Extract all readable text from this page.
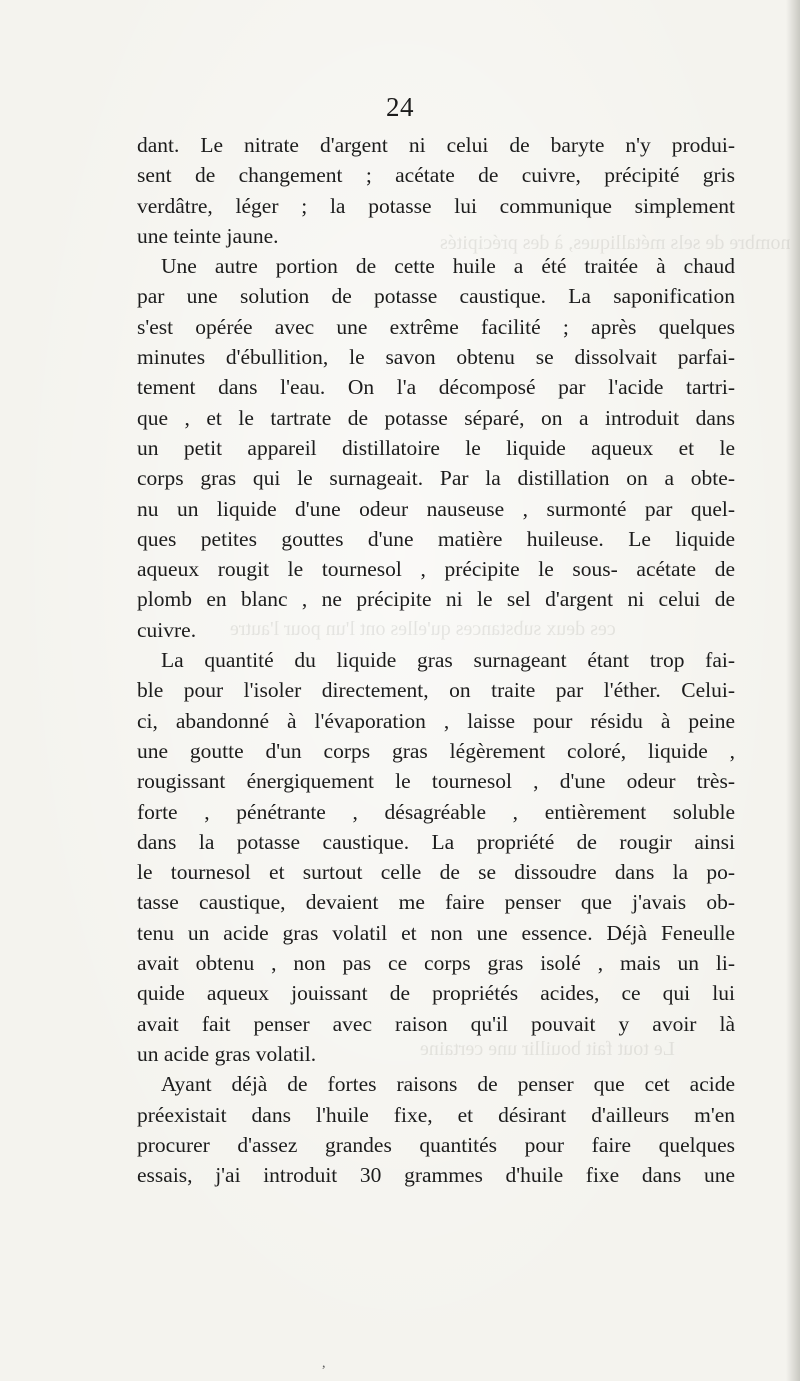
nombre de sels métalliques, à des précipités
ces deux substances qu'elles ont l'un pour l'autre
Le tout fait bouillir une certaine
24
dant. Le nitrate d'argent ni celui de baryte n'y produi-
sent de changement ; acétate de cuivre, précipité gris
verdâtre, léger ; la potasse lui communique simplement
une teinte jaune.
Une autre portion de cette huile a été traitée à chaud
par une solution de potasse caustique. La saponification
s'est opérée avec une extrême facilité ; après quelques
minutes d'ébullition, le savon obtenu se dissolvait parfai-
tement dans l'eau. On l'a décomposé par l'acide tartri-
que , et le tartrate de potasse séparé, on a introduit dans
un petit appareil distillatoire le liquide aqueux et le
corps gras qui le surnageait. Par la distillation on a obte-
nu un liquide d'une odeur nauseuse , surmonté par quel-
ques petites gouttes d'une matière huileuse. Le liquide
aqueux rougit le tournesol , précipite le sous- acétate de
plomb en blanc , ne précipite ni le sel d'argent ni celui de
cuivre.
La quantité du liquide gras surnageant étant trop fai-
ble pour l'isoler directement, on traite par l'éther. Celui-
ci, abandonné à l'évaporation , laisse pour résidu à peine
une goutte d'un corps gras légèrement coloré, liquide ,
rougissant énergiquement le tournesol , d'une odeur très-
forte , pénétrante , désagréable , entièrement soluble
dans la potasse caustique. La propriété de rougir ainsi
le tournesol et surtout celle de se dissoudre dans la po-
tasse caustique, devaient me faire penser que j'avais ob-
tenu un acide gras volatil et non une essence. Déjà Feneulle
avait obtenu , non pas ce corps gras isolé , mais un li-
quide aqueux jouissant de propriétés acides, ce qui lui
avait fait penser avec raison qu'il pouvait y avoir là
un acide gras volatil.
Ayant déjà de fortes raisons de penser que cet acide
préexistait dans l'huile fixe, et désirant d'ailleurs m'en
procurer d'assez grandes quantités pour faire quelques
essais, j'ai introduit 30 grammes d'huile fixe dans une
,
